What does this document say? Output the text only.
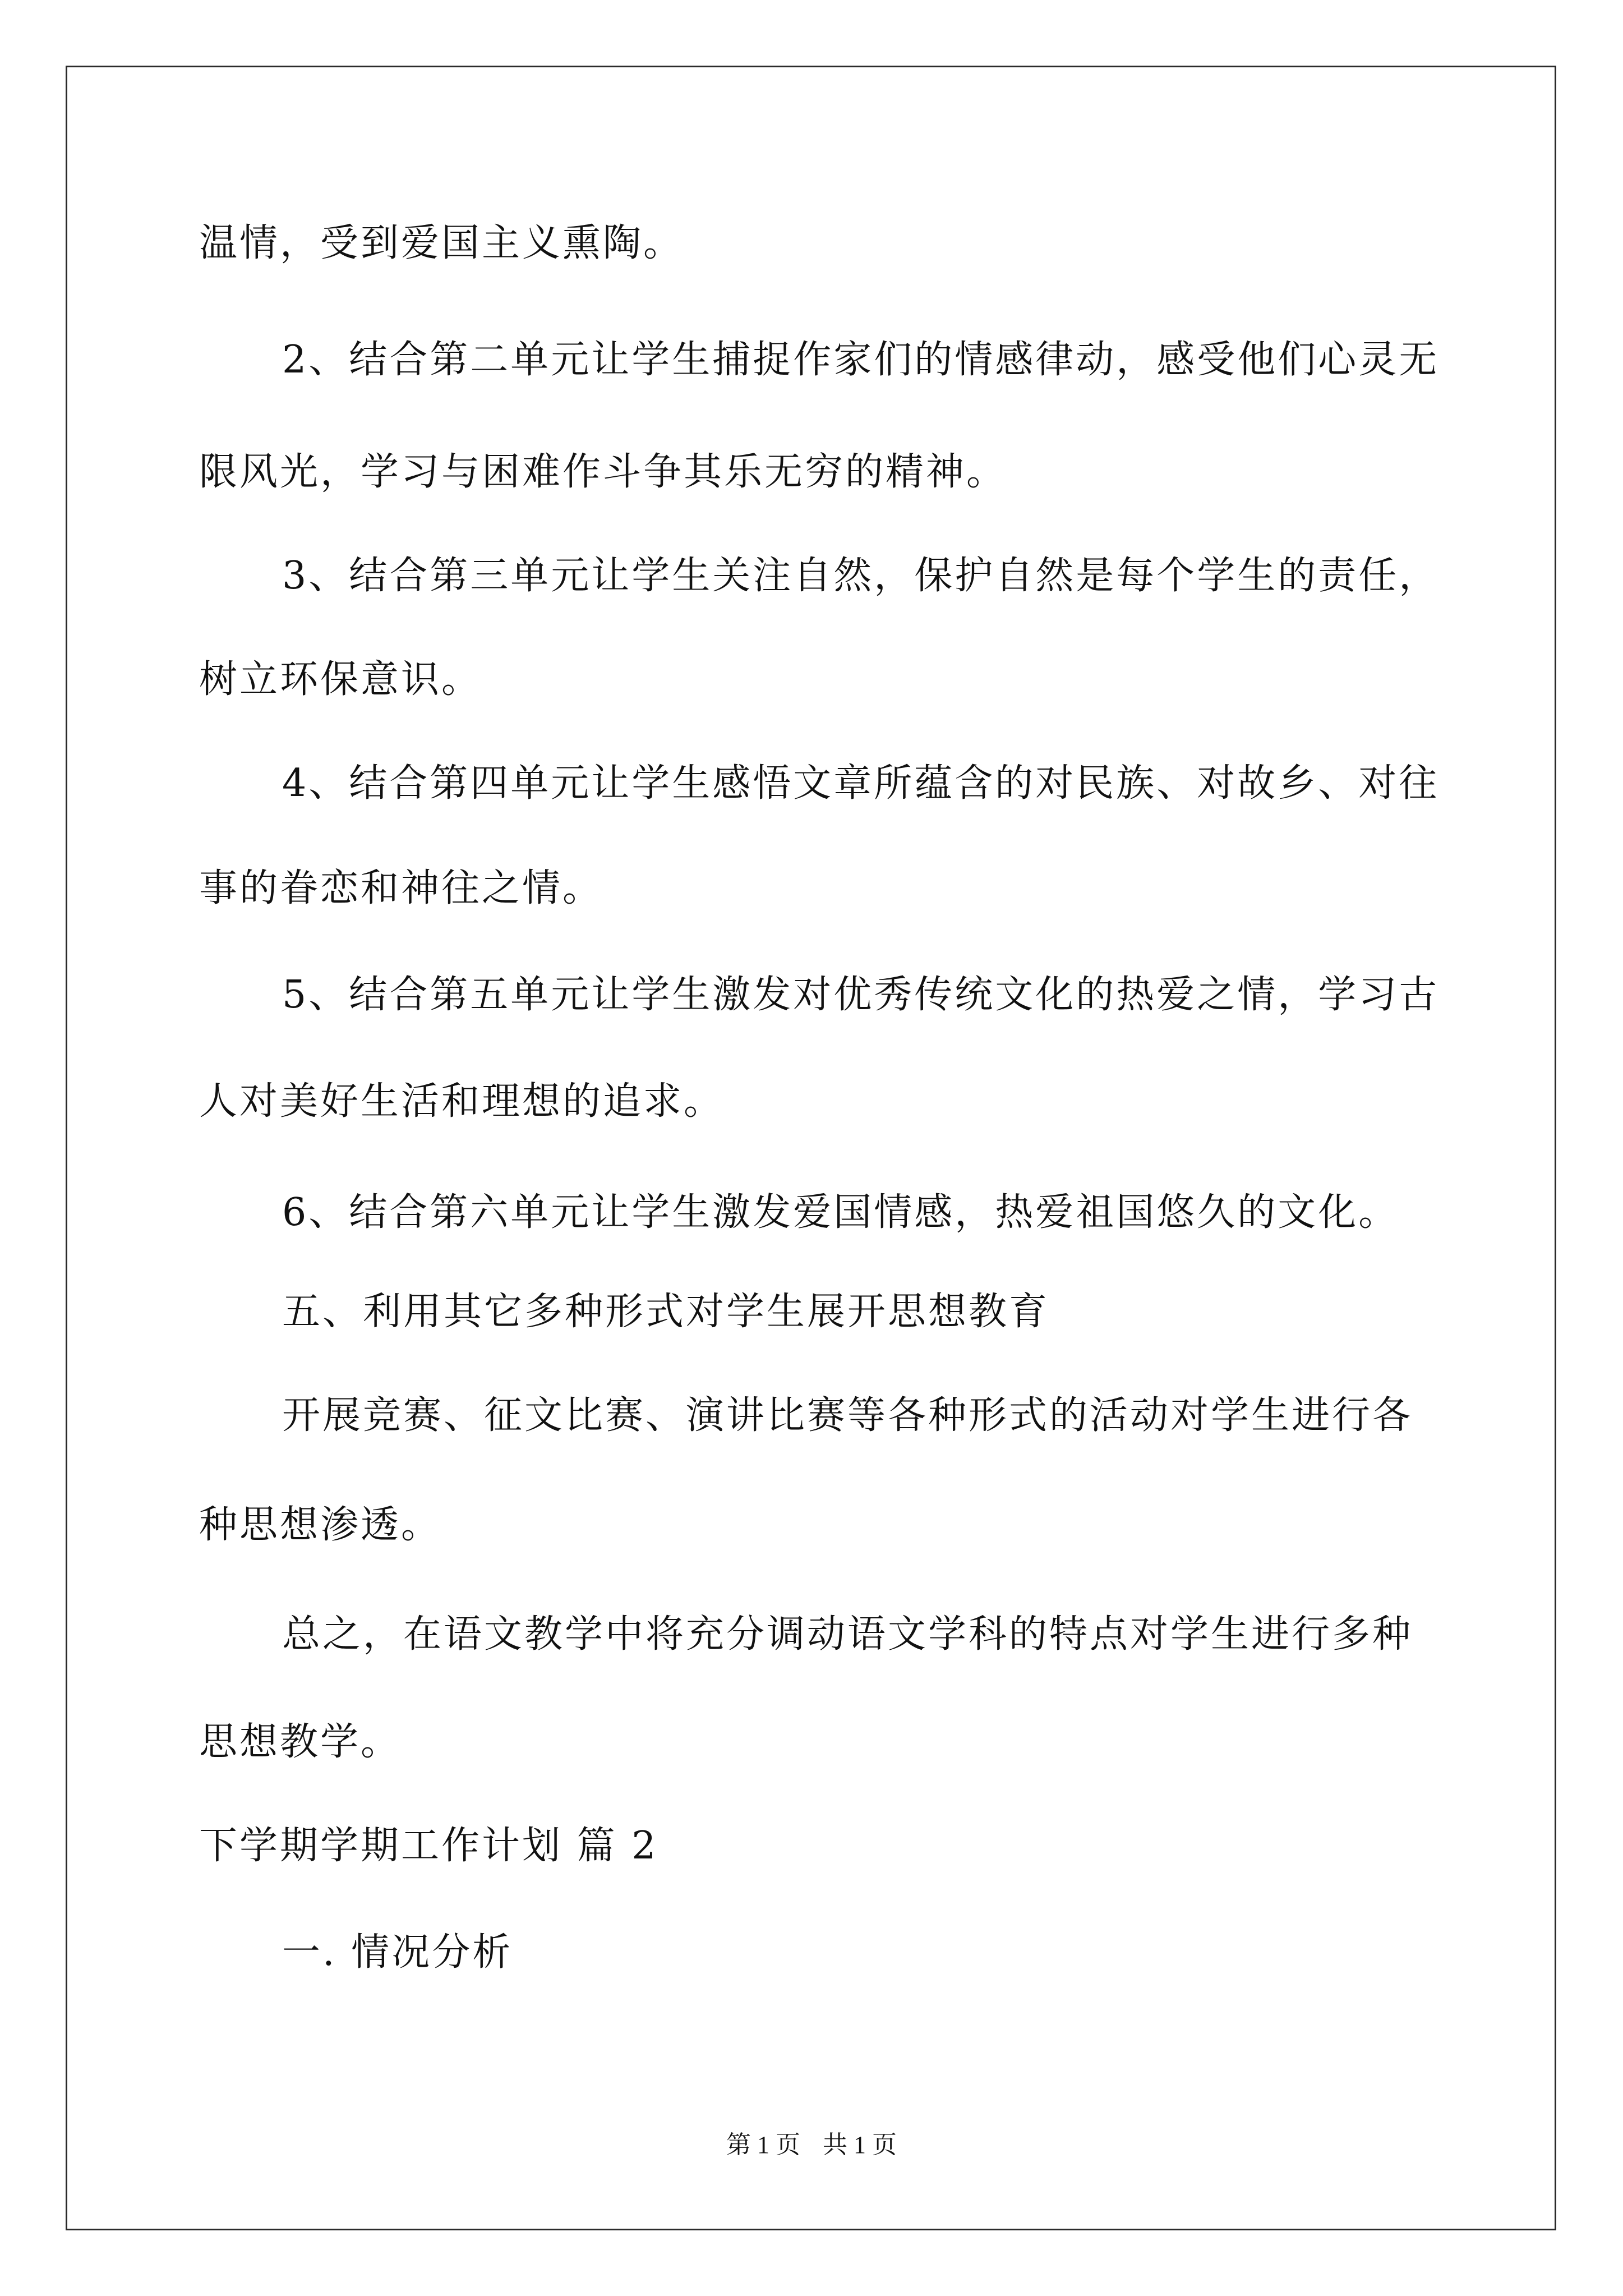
温情，受到爱国主义熏陶。
2、结合第二单元让学生捕捉作家们的情感律动，感受他们心灵无
限风光，学习与困难作斗争其乐无穷的精神。
3、结合第三单元让学生关注自然，保护自然是每个学生的责任，
树立环保意识。
4、结合第四单元让学生感悟文章所蕴含的对民族、对故乡、对往
事的眷恋和神往之情。
5、结合第五单元让学生激发对优秀传统文化的热爱之情，学习古
人对美好生活和理想的追求。
6、结合第六单元让学生激发爱国情感，热爱祖国悠久的文化。
五、利用其它多种形式对学生展开思想教育
开展竞赛、征文比赛、演讲比赛等各种形式的活动对学生进行各
种思想渗透。
总之，在语文教学中将充分调动语文学科的特点对学生进行多种
思想教学。
下学期学期工作计划 篇 2
一. 情况分析
第 1 页 共 1 页
